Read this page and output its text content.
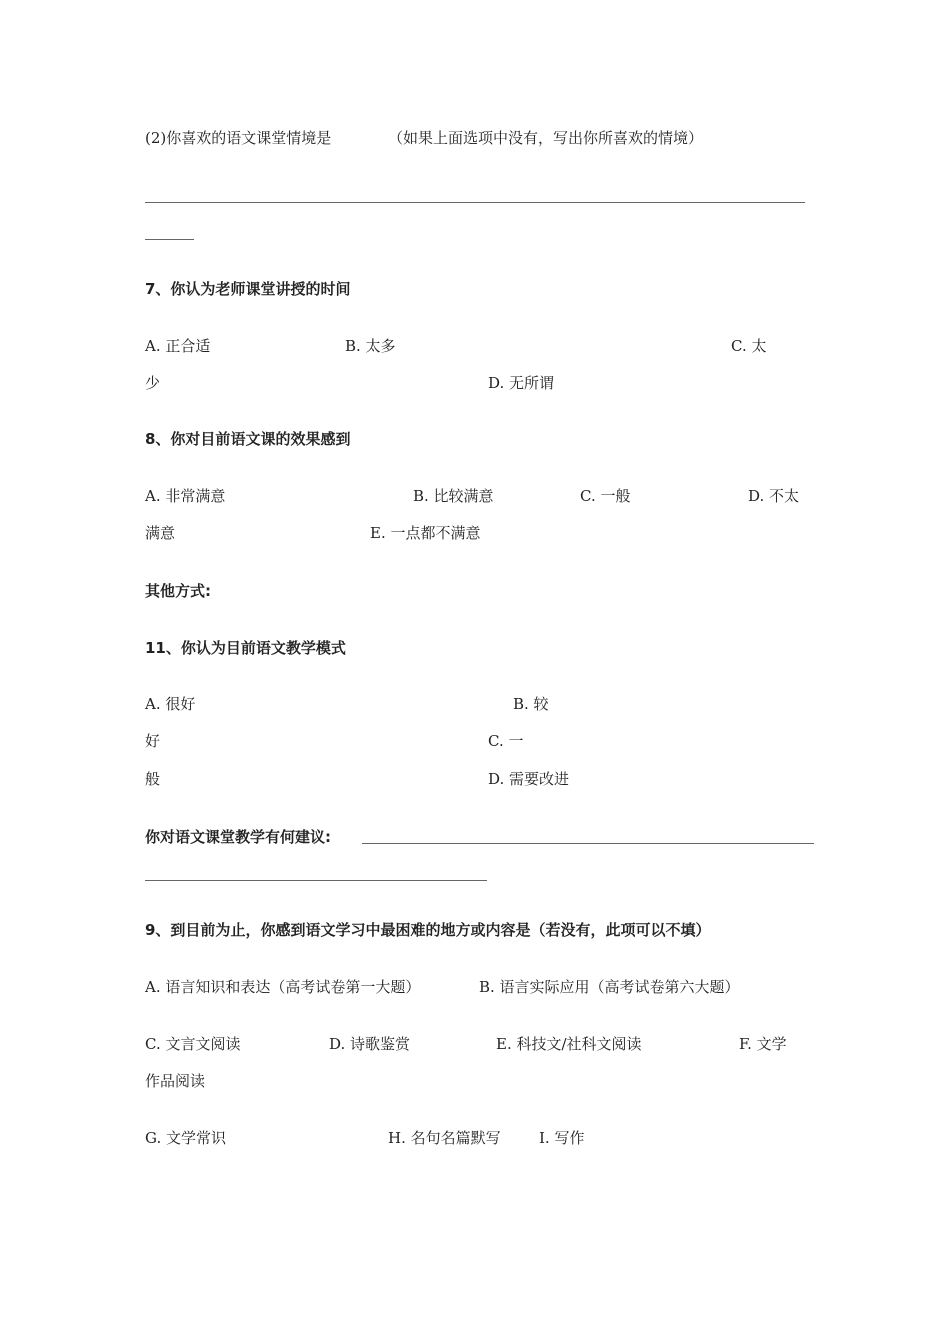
(2)你喜欢的语文课堂情境是	（如果上面选项中没有，写出你所喜欢的情境）
7、你认为老师课堂讲授的时间
A. 正合适	B. 太多	C. 太
少	D. 无所谓
8、你对目前语文课的效果感到
A. 非常满意	B. 比较满意	C. 一般	D. 不太
满意	E. 一点都不满意
其他方式:
11、你认为目前语文教学模式
A. 很好	B. 较
好	C. 一
般	D. 需要改进
你对语文课堂教学有何建议:
9、到目前为止，你感到语文学习中最困难的地方或内容是（若没有，此项可以不填）
A. 语言知识和表达（高考试卷第一大题）	B. 语言实际应用（高考试卷第六大题）
C. 文言文阅读	D. 诗歌鉴赏	E. 科技文/社科文阅读	F. 文学
作品阅读
G. 文学常识	H. 名句名篇默写	I. 写作
